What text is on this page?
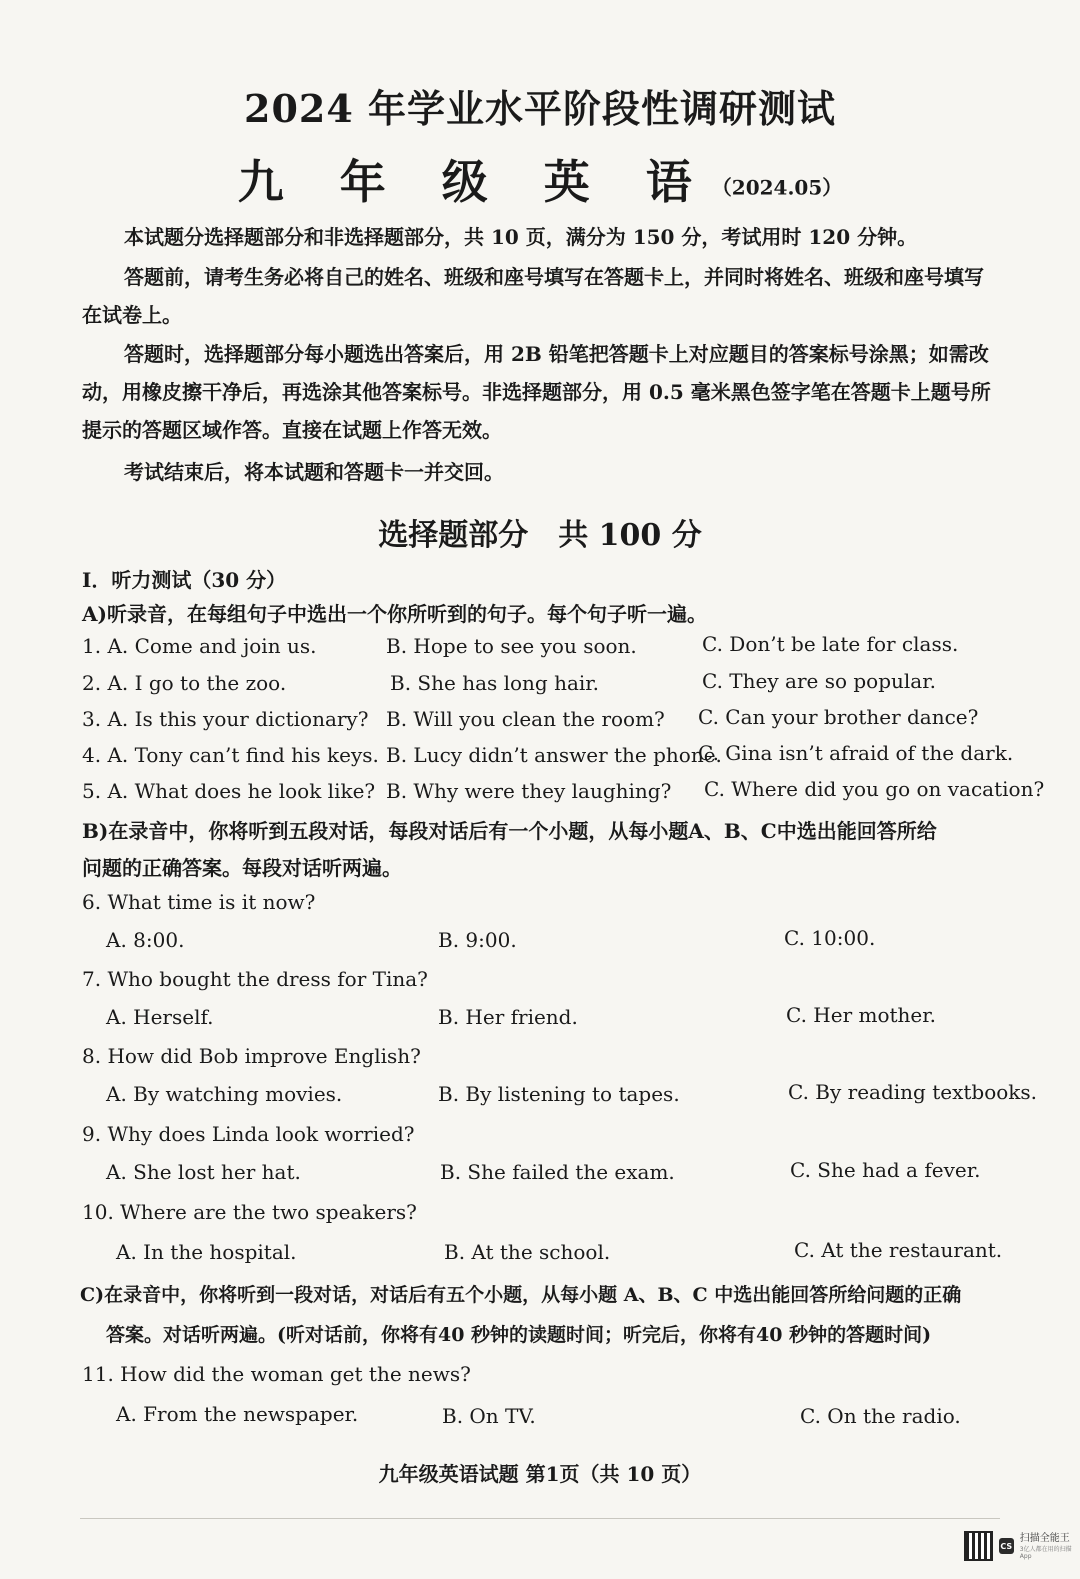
2024 年学业水平阶段性调研测试
九 年 级 英 语（2024.05）
本试题分选择题部分和非选择题部分，共 10 页，满分为 150 分，考试用时 120 分钟。
答题前，请考生务必将自己的姓名、班级和座号填写在答题卡上，并同时将姓名、班级和座号填写在试卷上。
答题时，选择题部分每小题选出答案后，用 2B 铅笔把答题卡上对应题目的答案标号涂黑；如需改动，用橡皮擦干净后，再选涂其他答案标号。非选择题部分，用 0.5 毫米黑色签字笔在答题卡上题号所提示的答题区域作答。直接在试题上作答无效。
考试结束后，将本试题和答题卡一并交回。
选择题部分　共 100 分
I．听力测试（30 分）
A)听录音，在每组句子中选出一个你所听到的句子。每个句子听一遍。
1. A. Come and join us.	B. Hope to see you soon.	C. Don’t be late for class.
2. A. I go to the zoo.	B. She has long hair.	C. They are so popular.
3. A. Is this your dictionary? B. Will you clean the room? C. Can your brother dance?
4. A. Tony can’t find his keys. B. Lucy didn’t answer the phone.
C. Gina isn’t afraid of the dark.
5. A. What does he look like? B. Why were they laughing? C. Where did you go on vacation?
B)在录音中，你将听到五段对话，每段对话后有一个小题，从每小题A、B、C中选出能回答所给
问题的正确答案。每段对话听两遍。
6. What time is it now?
A. 8:00.	B. 9:00.	C. 10:00.
7. Who bought the dress for Tina?
A. Herself.	B. Her friend.	C. Her mother.
8. How did Bob improve English?
A. By watching movies.	B. By listening to tapes.	C. By reading textbooks.
9. Why does Linda look worried?
A. She lost her hat.	B. She failed the exam.	C. She had a fever.
10. Where are the two speakers?
A. In the hospital.	B. At the school.	C. At the restaurant.
C)在录音中，你将听到一段对话，对话后有五个小题，从每小题 A、B、C 中选出能回答所给问题的正确
答案。对话听两遍。(听对话前，你将有40 秒钟的读题时间；听完后，你将有40 秒钟的答题时间)
11. How did the woman get the news?
A. From the newspaper.	B. On TV.	C. On the radio.
九年级英语试题 第1页（共 10 页）
CS
扫描全能王
3亿人都在用的扫描App
